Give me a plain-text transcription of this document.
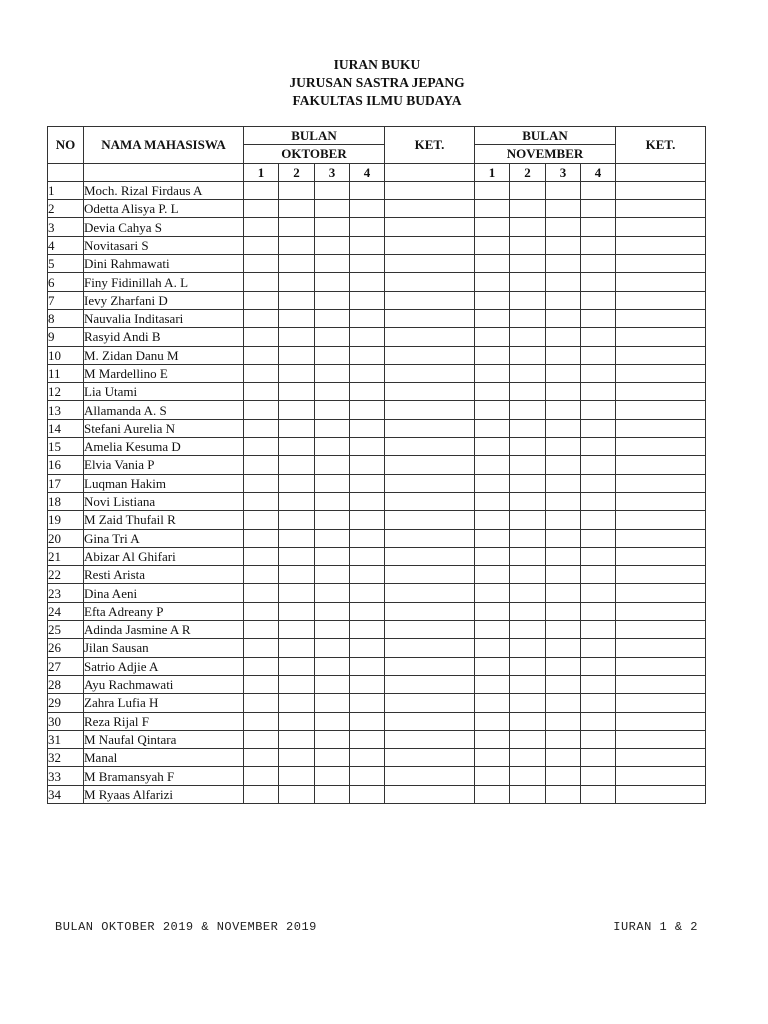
IURAN BUKU
JURUSAN SASTRA JEPANG
FAKULTAS ILMU BUDAYA
NO	NAMA MAHASISWA	BULAN				KET.	BULAN				KET.
		OKTOBER					NOVEMBER				
		1	2	3	4		1	2	3	4	
1	Moch. Rizal Firdaus A										
2	Odetta Alisya P. L										
3	Devia Cahya S										
4	Novitasari S										
5	Dini Rahmawati										
6	Finy Fidinillah A. L										
7	Ievy Zharfani D										
8	Nauvalia Inditasari										
9	Rasyid Andi B										
10	M. Zidan Danu M										
11	M Mardellino E										
12	Lia Utami										
13	Allamanda A. S										
14	Stefani Aurelia N										
15	Amelia Kesuma D										
16	Elvia Vania P										
17	Luqman Hakim										
18	Novi Listiana										
19	M Zaid Thufail R										
20	Gina Tri A										
21	Abizar Al Ghifari										
22	Resti Arista										
23	Dina Aeni										
24	Efta Adreany P										
25	Adinda Jasmine A R										
26	Jilan Sausan										
27	Satrio Adjie A										
28	Ayu Rachmawati										
29	Zahra Lufia H										
30	Reza Rijal F										
31	M Naufal Qintara										
32	Manal										
33	M Bramansyah F										
34	M Ryaas Alfarizi										
BULAN OKTOBER 2019 & NOVEMBER 2019	IURAN 1 & 2
